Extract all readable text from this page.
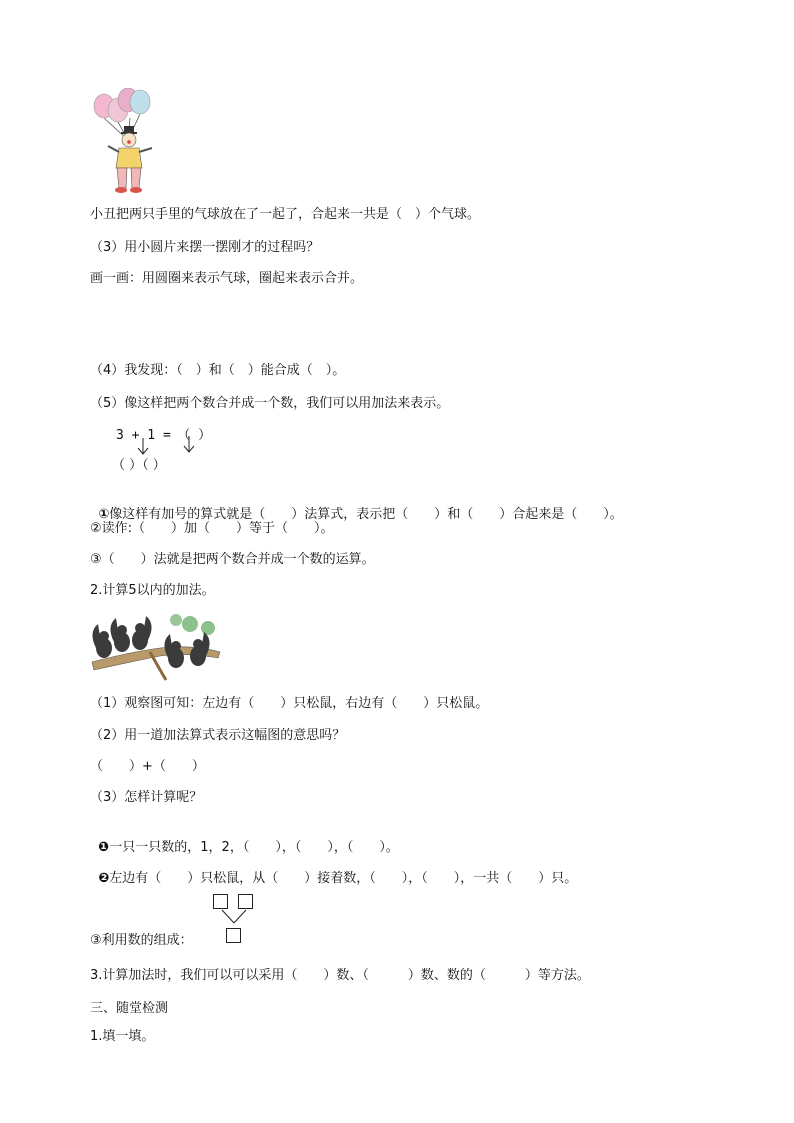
小丑把两只手里的气球放在了一起了，合起来一共是（　）个气球。
（3）用小圆片来摆一摆刚才的过程吗？
画一画：用圆圈来表示气球，圈起来表示合并。
（4）我发现：（　）和（　）能合成（　）。
（5）像这样把两个数合并成一个数，我们可以用加法来表示。
3 + 1 =　（ ）
（ ）（ ）

①像这样有加号的算式就是（　　）法算式，表示把（　　）和（　　）合起来是（　　）。

②读作:（　　）加（　　）等于（　　）。
③（　　）法就是把两个数合并成一个数的运算。
2.计算5以内的加法。
（1）观察图可知：左边有（　　）只松鼠，右边有（　　）只松鼠。
（2）用一道加法算式表示这幅图的意思吗？
（　　）+（　　）
（3）怎样计算呢？

❶一只一只数的，1，2，（　　），（　　），（　　）。

❷左边有（　　）只松鼠，从（　　）接着数，（　　），（　　），一共（　　）只。

③利用数的组成：
3.计算加法时，我们可以可以采用（　　）数、（　　　）数、数的（　　　）等方法。
三、随堂检测
1.填一填。
